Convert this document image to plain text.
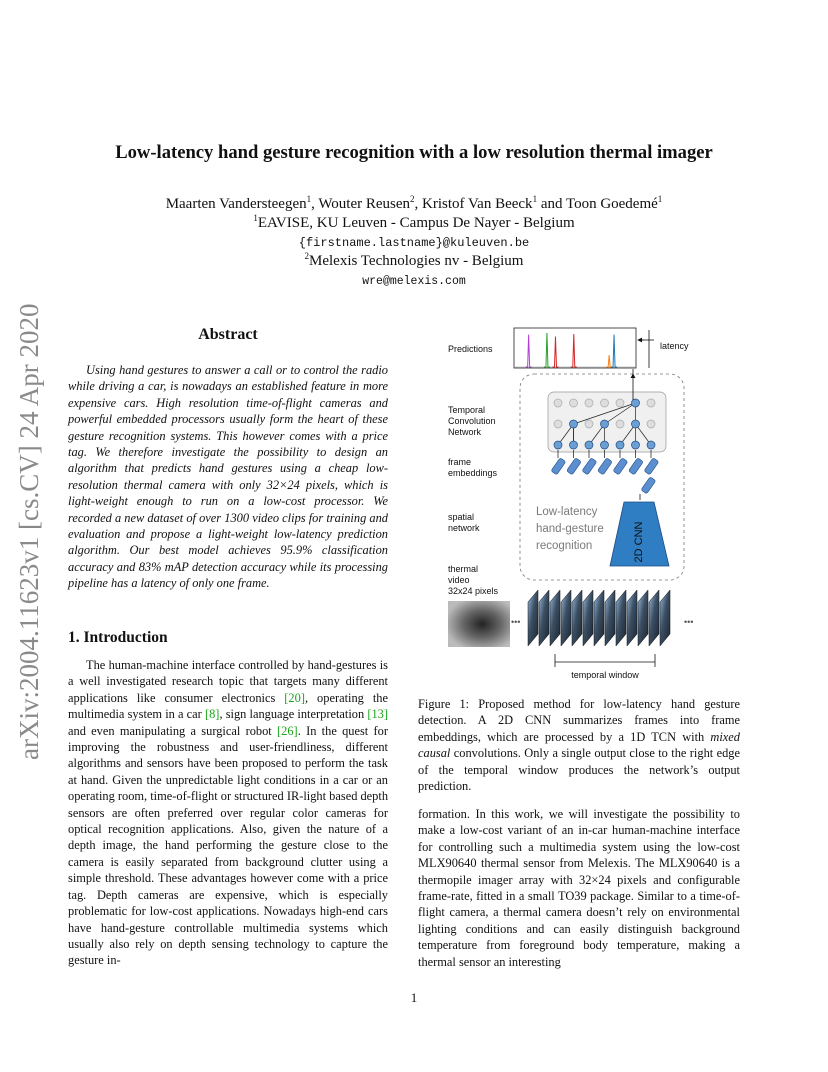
arXiv:2004.11623v1 [cs.CV] 24 Apr 2020
Low-latency hand gesture recognition with a low resolution thermal imager
Maarten Vandersteegen$^1$, Wouter Reusen$^2$, Kristof Van Beeck$^1$ and Toon Goedemé$^1$
$^1$EAVISE, KU Leuven - Campus De Nayer - Belgium
{firstname.lastname}@kuleuven.be
$^2$Melexis Technologies nv - Belgium
wre@melexis.com
Abstract
Using hand gestures to answer a call or to control the radio while driving a car, is nowadays an established feature in more expensive cars. High resolution time-of-flight cameras and powerful embedded processors usually form the heart of these gesture recognition systems. This however comes with a price tag. We therefore investigate the possibility to design an algorithm that predicts hand gestures using a cheap low-resolution thermal camera with only 32×24 pixels, which is light-weight enough to run on a low-cost processor. We recorded a new dataset of over 1300 video clips for training and evaluation and propose a light-weight low-latency prediction algorithm. Our best model achieves 95.9% classification accuracy and 83% mAP detection accuracy while its processing pipeline has a latency of only one frame.
1. Introduction
The human-machine interface controlled by hand-gestures is a well investigated research topic that targets many different applications like consumer electronics [20], operating the multimedia system in a car [8], sign language interpretation [13] and even manipulating a surgical robot [26]. In the quest for improving the robustness and user-friendliness, different algorithms and sensors have been proposed to perform the task at hand. Given the unpredictable light conditions in a car or an operating room, time-of-flight or structured IR-light based depth sensors are often preferred over regular color cameras for optical recognition applications. Also, given the nature of a depth image, the hand performing the gesture close to the camera is easily separated from background clutter using a simple threshold. These advantages however come with a price tag. Depth cameras are expensive, which is especially problematic for low-cost applications. Nowadays high-end cars have hand-gesture controllable multimedia systems which usually also rely on depth sensing technology to capture the gesture in-
latency
Predictions
Temporal
Convolution
Network
frame
embeddings
spatial
network
thermal
video
32x24 pixels
Low-latency
hand-gesture
recognition	2D CNN
•••	•••
temporal window
Figure 1: Proposed method for low-latency hand gesture detection. A 2D CNN summarizes frames into frame embeddings, which are processed by a 1D TCN with mixed causal convolutions. Only a single output close to the right edge of the temporal window produces the network’s output prediction.
formation. In this work, we will investigate the possibility to make a low-cost variant of an in-car human-machine interface for controlling such a multimedia system using the low-cost MLX90640 thermal sensor from Melexis. The MLX90640 is a thermopile imager array with 32×24 pixels and configurable frame-rate, fitted in a small TO39 package. Similar to a time-of-flight camera, a thermal camera doesn’t rely on environmental lighting conditions and can easily distinguish background temperature from foreground body temperature, making a thermal sensor an interesting
1
